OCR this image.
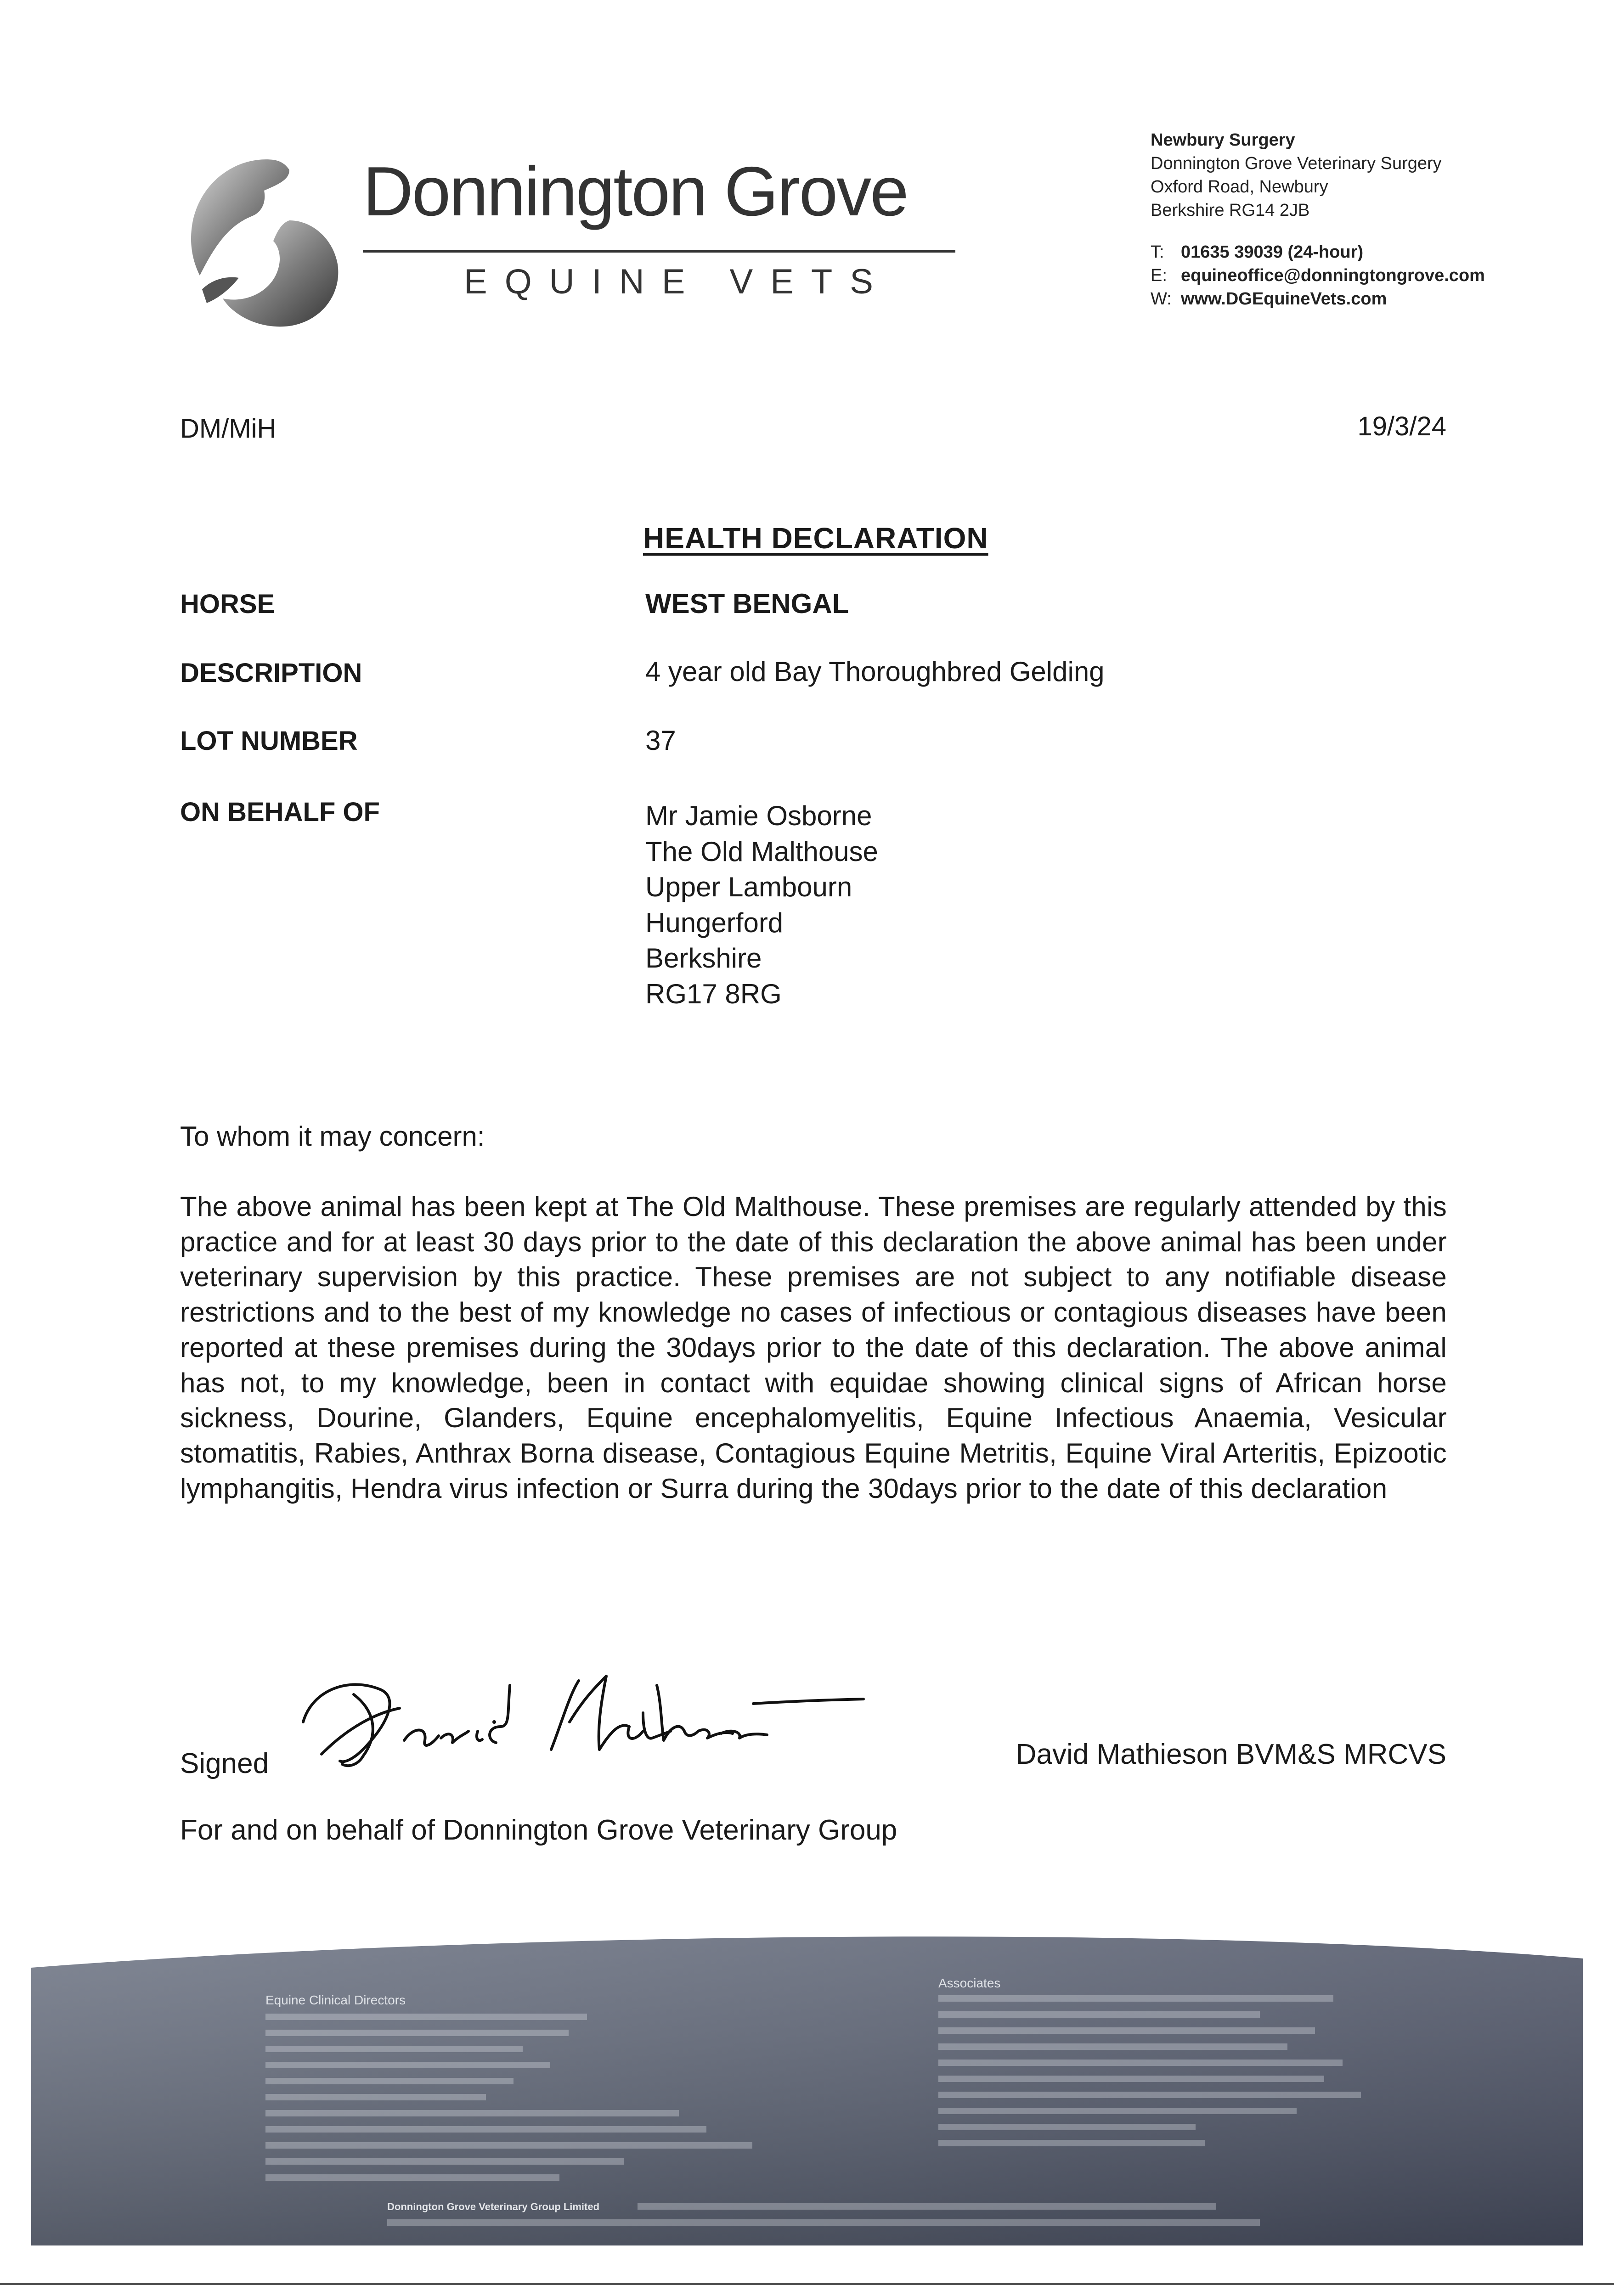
Donnington Grove
EQUINE VETS
Newbury Surgery
Donnington Grove Veterinary Surgery
Oxford Road, Newbury
Berkshire RG14 2JB
T: 01635 39039 (24-hour)
E: equineoffice@donningtongrove.com
W: www.DGEquineVets.com
DM/MiH	19/3/24
HEALTH DECLARATION
HORSE	WEST BENGAL
DESCRIPTION	4 year old Bay Thoroughbred Gelding
LOT NUMBER	37
ON BEHALF OF	Mr Jamie Osborne
The Old Malthouse
Upper Lambourn
Hungerford
Berkshire
RG17 8RG
To whom it may concern:
The above animal has been kept at The Old Malthouse. These premises are regularly attended by this practice and for at least 30 days prior to the date of this declaration the above animal has been under veterinary supervision by this practice. These premises are not subject to any notifiable disease restrictions and to the best of my knowledge no cases of infectious or contagious diseases have been reported at these premises during the 30days prior to the date of this declaration. The above animal has not, to my knowledge, been in contact with equidae showing clinical signs of African horse sickness, Dourine, Glanders, Equine encephalomyelitis, Equine Infectious Anaemia, Vesicular stomatitis, Rabies, Anthrax Borna disease, Contagious Equine Metritis, Equine Viral Arteritis, Epizootic lymphangitis, Hendra virus infection or Surra during the 30days prior to the date of this declaration
Signed	David Mathieson BVM&S MRCVS
For and on behalf of Donnington Grove Veterinary Group
Equine Clinical Directors
Associates
Donnington Grove Veterinary Group Limited
